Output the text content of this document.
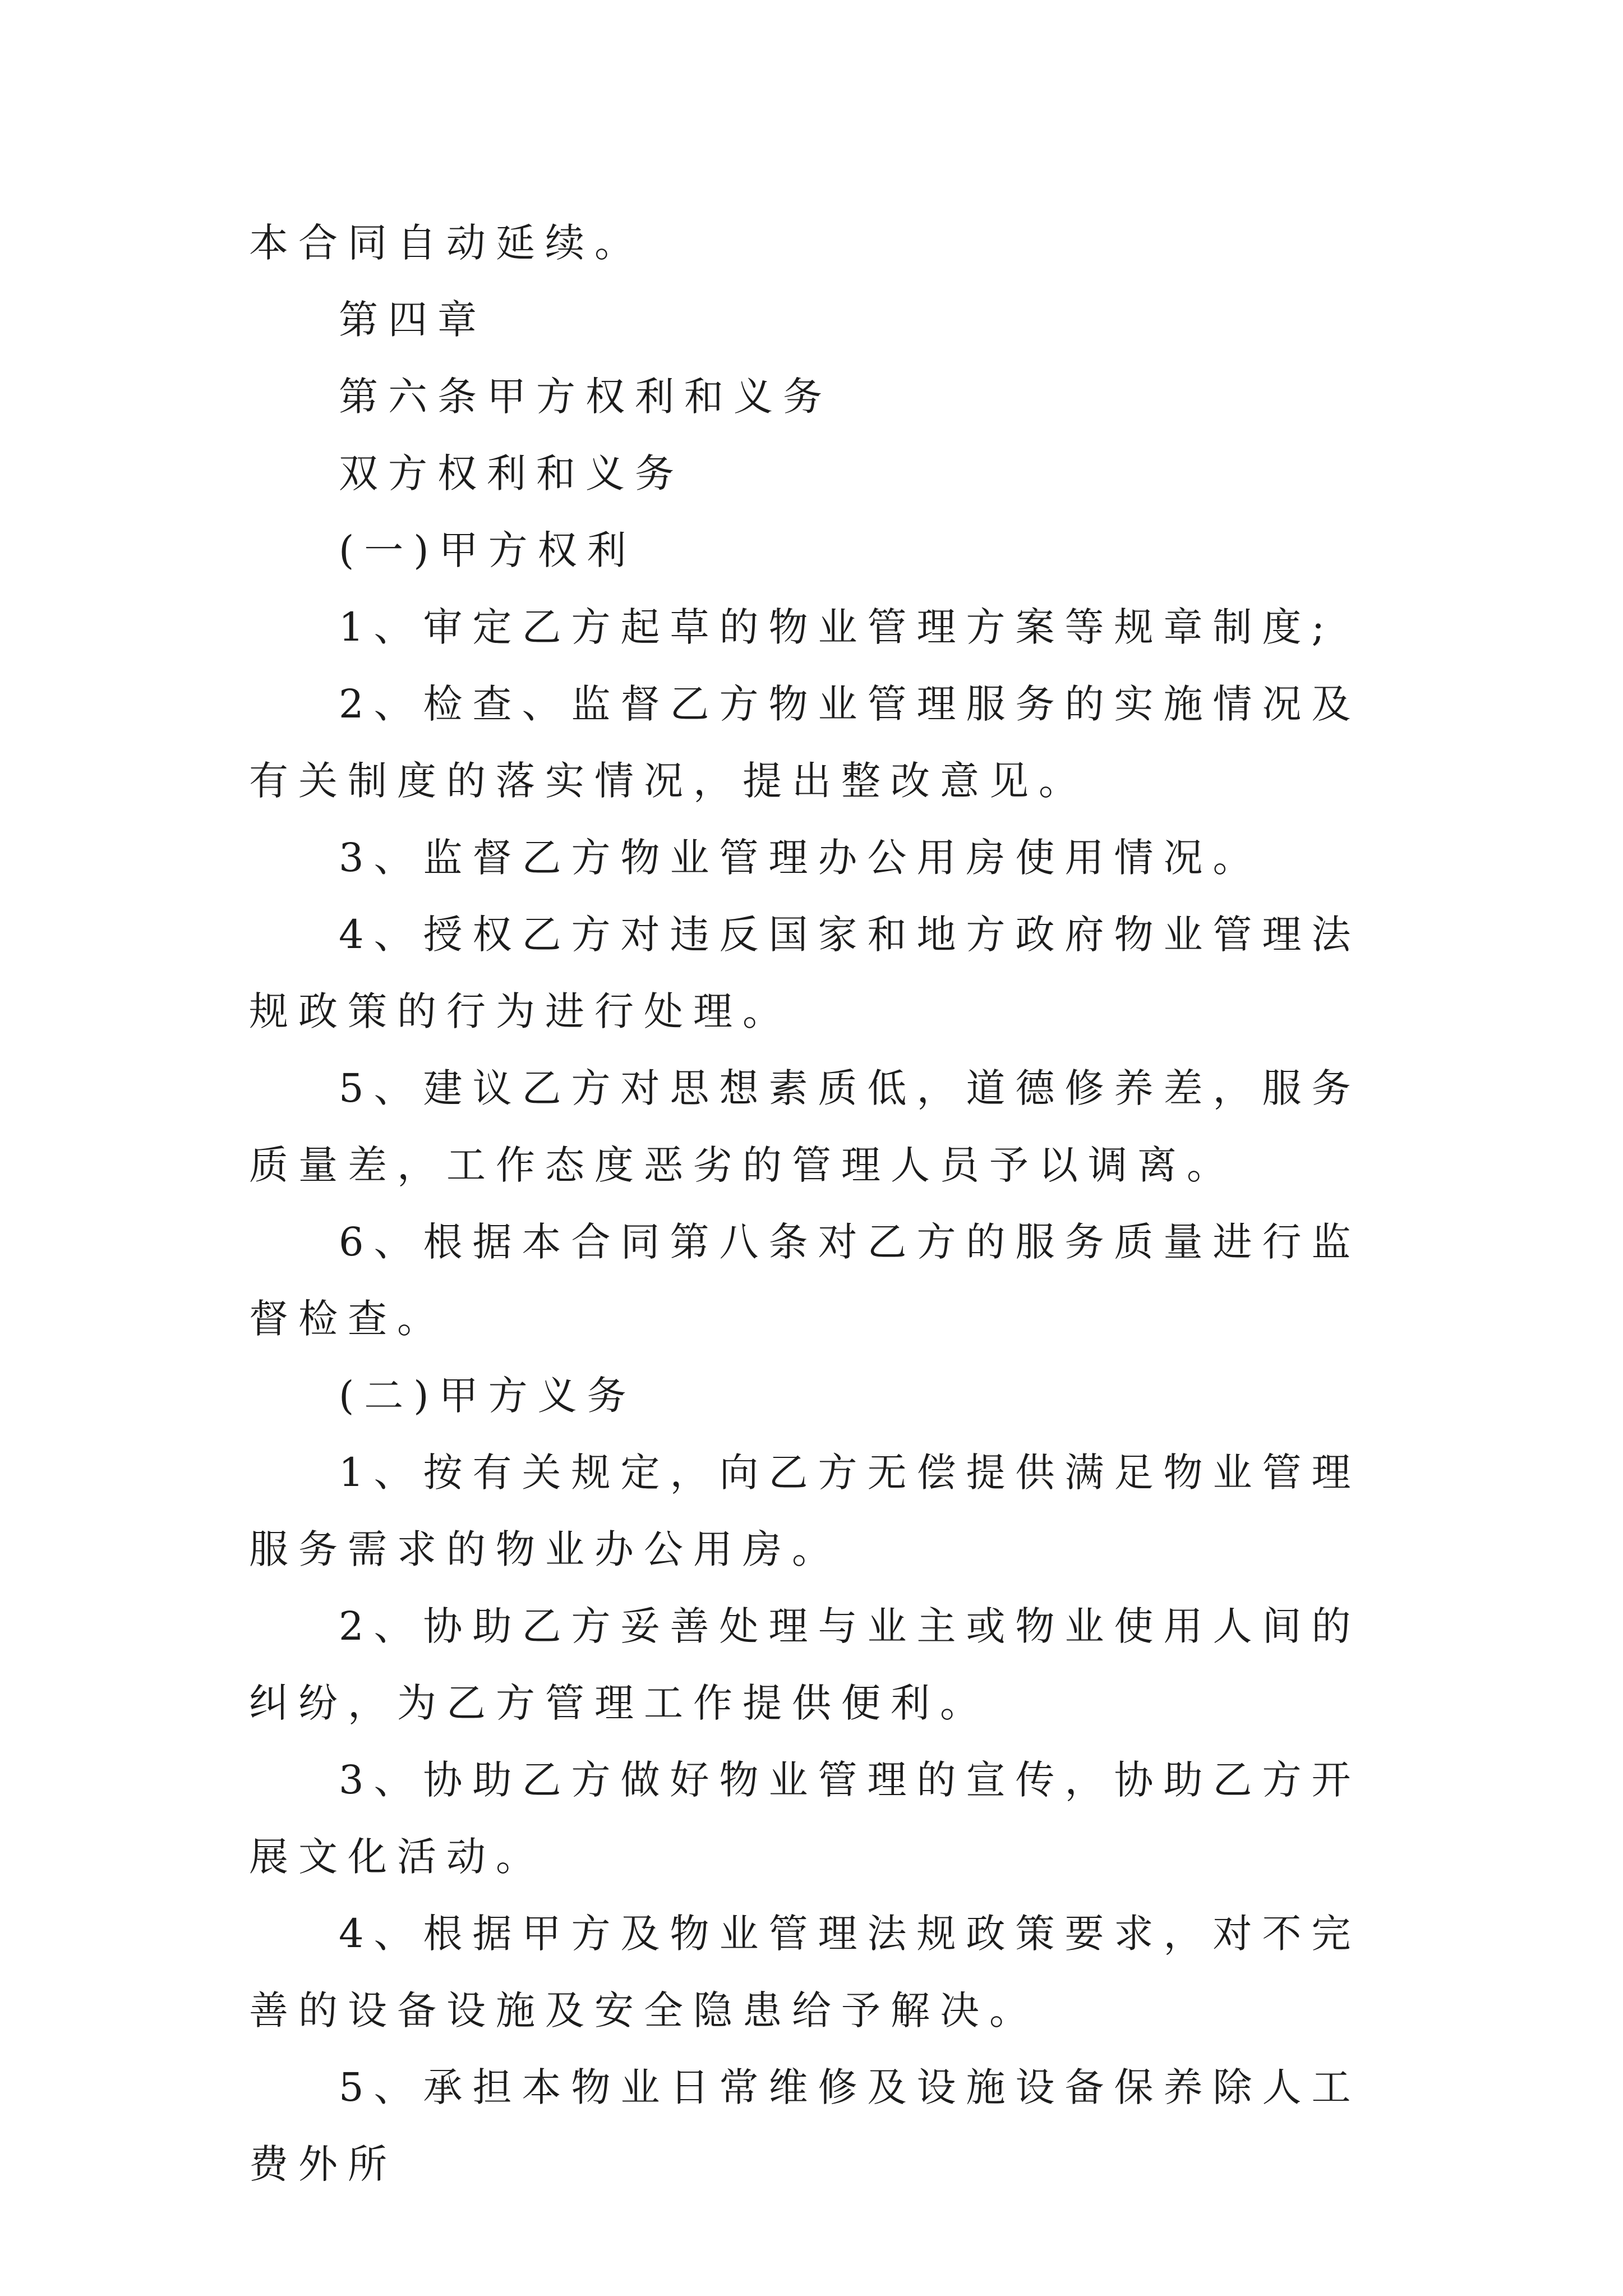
本合同自动延续。

第四章

第六条甲方权利和义务

双方权利和义务

(一)甲方权利

1、审定乙方起草的物业管理方案等规章制度;

2、检查、监督乙方物业管理服务的实施情况及有关制度的落实情况，提出整改意见。

3、监督乙方物业管理办公用房使用情况。

4、授权乙方对违反国家和地方政府物业管理法规政策的行为进行处理。

5、建议乙方对思想素质低，道德修养差，服务质量差，工作态度恶劣的管理人员予以调离。

6、根据本合同第八条对乙方的服务质量进行监督检查。

(二)甲方义务

1、按有关规定，向乙方无偿提供满足物业管理服务需求的物业办公用房。

2、协助乙方妥善处理与业主或物业使用人间的纠纷，为乙方管理工作提供便利。

3、协助乙方做好物业管理的宣传，协助乙方开展文化活动。

4、根据甲方及物业管理法规政策要求，对不完善的设备设施及安全隐患给予解决。

5、承担本物业日常维修及设施设备保养除人工费外所
